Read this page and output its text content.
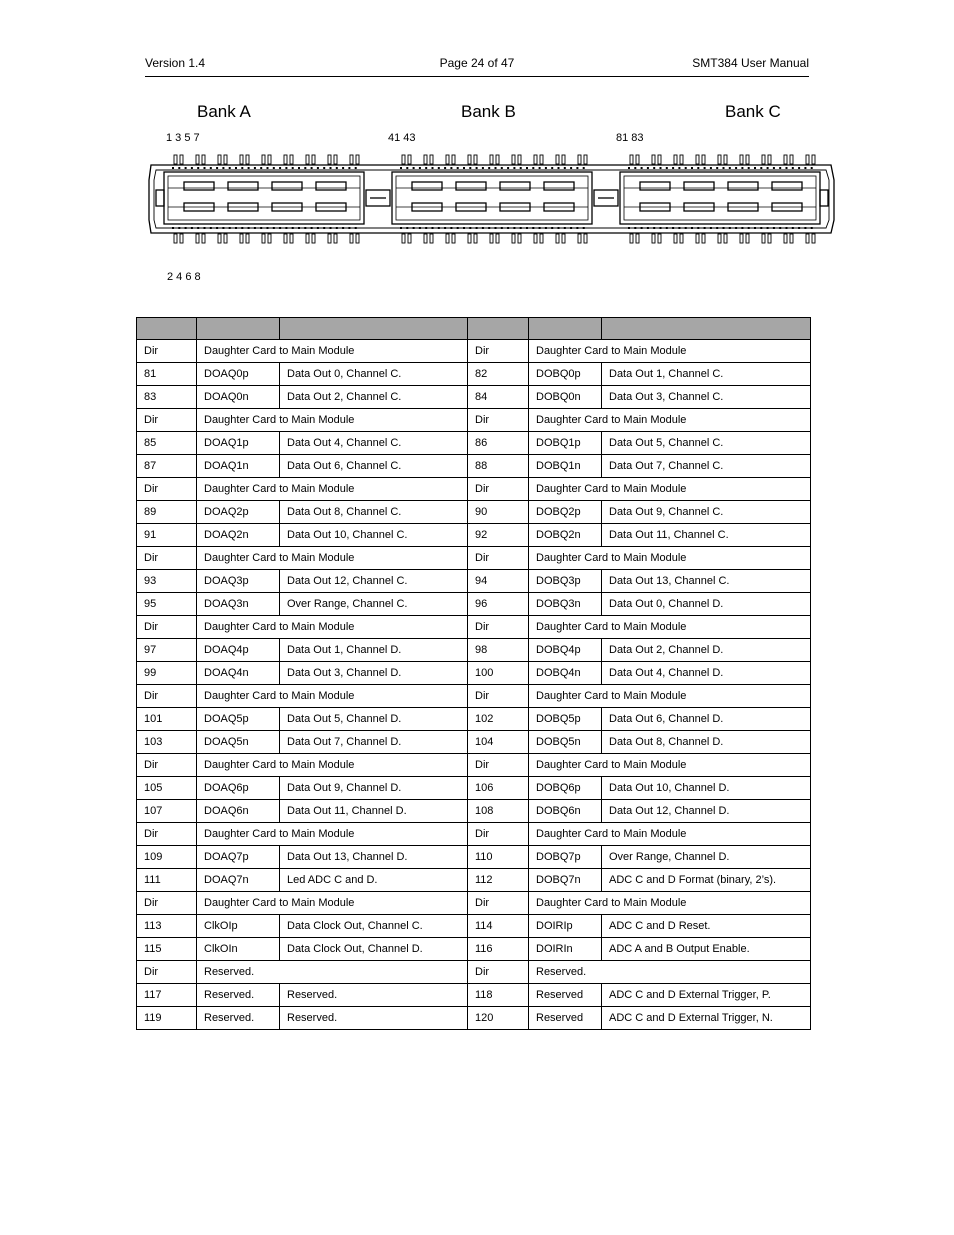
Version 1.4	Page 24 of 47	SMT384 User Manual
Bank A	Bank B	Bank C
1 3 5 7	41 43	81 83
2 4 6 8

Dir	Daughter Card to Main Module		Dir	Daughter Card to Main Module	
81	DOAQ0p	Data Out 0, Channel C.	82	DOBQ0p	Data Out 1, Channel C.
83	DOAQ0n	Data Out 2, Channel C.	84	DOBQ0n	Data Out 3, Channel C.
Dir	Daughter Card to Main Module		Dir	Daughter Card to Main Module	
85	DOAQ1p	Data Out 4, Channel C.	86	DOBQ1p	Data Out 5, Channel C.
87	DOAQ1n	Data Out 6, Channel C.	88	DOBQ1n	Data Out 7, Channel C.
Dir	Daughter Card to Main Module		Dir	Daughter Card to Main Module	
89	DOAQ2p	Data Out 8, Channel C.	90	DOBQ2p	Data Out 9, Channel C.
91	DOAQ2n	Data Out 10, Channel C.	92	DOBQ2n	Data Out 11, Channel C.
Dir	Daughter Card to Main Module		Dir	Daughter Card to Main Module	
93	DOAQ3p	Data Out 12, Channel C.	94	DOBQ3p	Data Out 13, Channel C.
95	DOAQ3n	Over Range, Channel C.	96	DOBQ3n	Data Out 0, Channel D.
Dir	Daughter Card to Main Module		Dir	Daughter Card to Main Module	
97	DOAQ4p	Data Out 1, Channel D.	98	DOBQ4p	Data Out 2, Channel D.
99	DOAQ4n	Data Out 3, Channel D.	100	DOBQ4n	Data Out 4, Channel D.
Dir	Daughter Card to Main Module		Dir	Daughter Card to Main Module	
101	DOAQ5p	Data Out 5, Channel D.	102	DOBQ5p	Data Out 6, Channel D.
103	DOAQ5n	Data Out 7, Channel D.	104	DOBQ5n	Data Out 8, Channel D.
Dir	Daughter Card to Main Module		Dir	Daughter Card to Main Module	
105	DOAQ6p	Data Out 9, Channel D.	106	DOBQ6p	Data Out 10, Channel D.
107	DOAQ6n	Data Out 11, Channel D.	108	DOBQ6n	Data Out 12, Channel D.
Dir	Daughter Card to Main Module		Dir	Daughter Card to Main Module	
109	DOAQ7p	Data Out 13, Channel D.	110	DOBQ7p	Over Range, Channel D.
111	DOAQ7n	Led ADC C and D.	112	DOBQ7n	ADC C and D Format (binary, 2’s).
Dir	Daughter Card to Main Module		Dir	Daughter Card to Main Module	
113	ClkOIp	Data Clock Out, Channel C.	114	DOIRIp	ADC C and D Reset.
115	ClkOIn	Data Clock Out, Channel D.	116	DOIRIn	ADC A and B Output Enable.
Dir	Reserved.		Dir	Reserved.	
117	Reserved.	Reserved.	118	Reserved	ADC C and D External Trigger, P.
119	Reserved.	Reserved.	120	Reserved	ADC C and D External Trigger, N.
